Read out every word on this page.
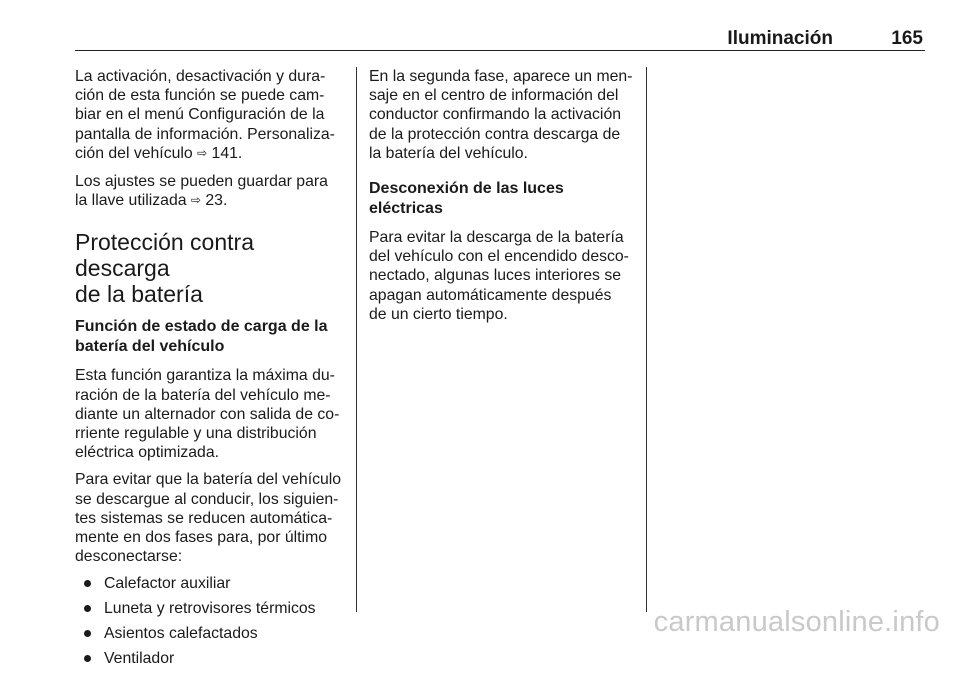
Iluminación	165

La activación, desactivación y dura-
ción de esta función se puede cam-
biar en el menú Configuración de la
pantalla de información. Personaliza-
ción del vehículo ⇨ 141.

Los ajustes se pueden guardar para
la llave utilizada ⇨ 23.

Protección contra descarga
de la batería
Función de estado de carga de la
batería del vehículo

Esta función garantiza la máxima du-
ración de la batería del vehículo me-
diante un alternador con salida de co-
rriente regulable y una distribución
eléctrica optimizada.

Para evitar que la batería del vehículo
se descargue al conducir, los siguien-
tes sistemas se reducen automática-
mente en dos fases para, por último
desconectarse:

Calefactor auxiliar
Luneta y retrovisores térmicos
Asientos calefactados
Ventilador

En la segunda fase, aparece un men-
saje en el centro de información del
conductor confirmando la activación
de la protección contra descarga de
la batería del vehículo.

Desconexión de las luces
eléctricas

Para evitar la descarga de la batería
del vehículo con el encendido desco-
nectado, algunas luces interiores se
apagan automáticamente después
de un cierto tiempo.

carmanualsonline.info
